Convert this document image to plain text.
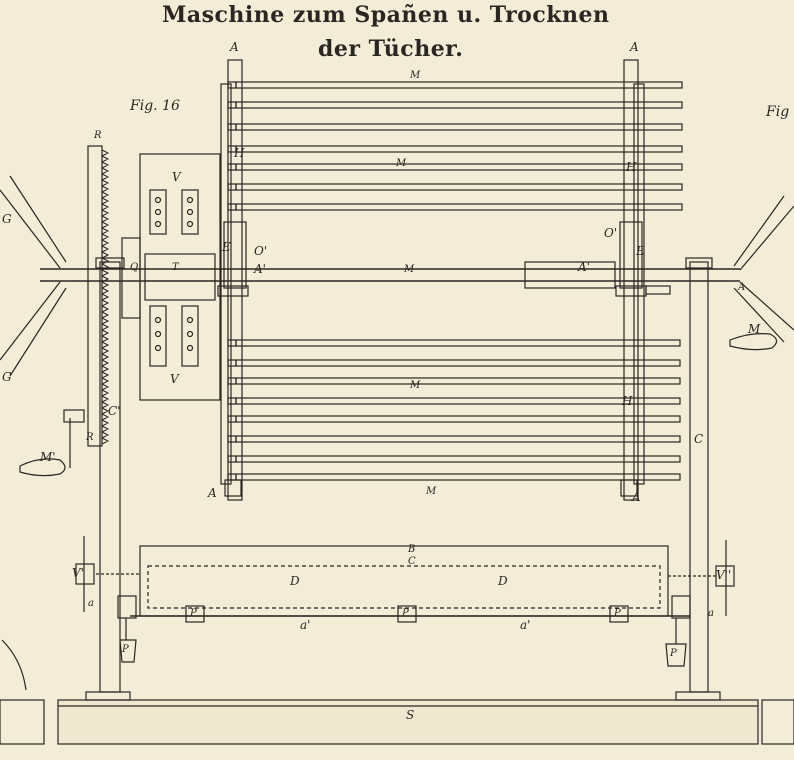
Maschine zum Spañen u. Trocknen
der Tücher.
Fig. 16	Fig
A	A
M
M
M
M
M
H
H
H
E	E
O'
O'
A'	A'
V
V
Q	T
R
R
G
G
C'
C
M'
M
A
A	A
B
C
D	D
P	P	P
P	P
a'	a'
a
a
V'	V''
S
